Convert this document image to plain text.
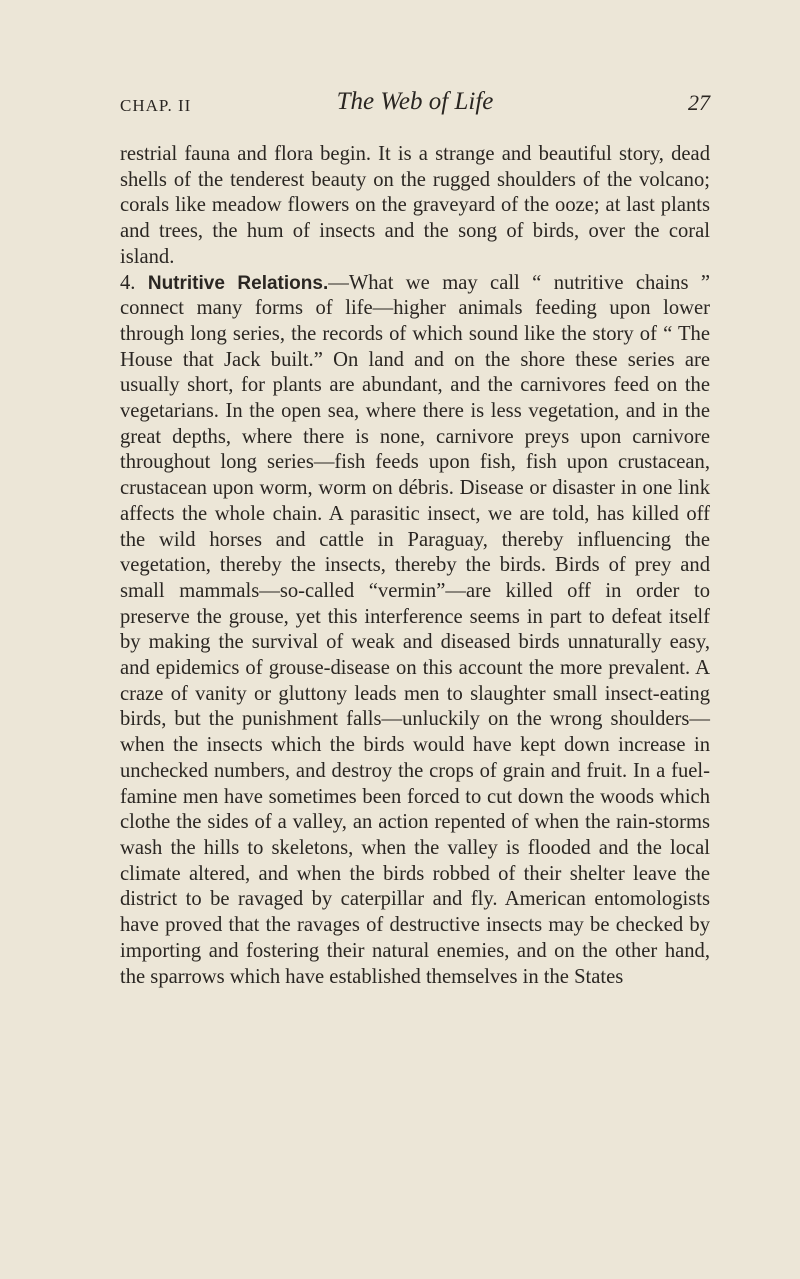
CHAP. II	The Web of Life	27

restrial fauna and flora begin. It is a strange and beautiful story, dead shells of the tenderest beauty on the rugged shoulders of the volcano; corals like meadow flowers on the graveyard of the ooze; at last plants and trees, the hum of insects and the song of birds, over the coral island.

4. Nutritive Relations.—What we may call “ nutritive chains ” connect many forms of life—higher animals feeding upon lower through long series, the records of which sound like the story of “ The House that Jack built.” On land and on the shore these series are usually short, for plants are abundant, and the carnivores feed on the vegetarians. In the open sea, where there is less vegetation, and in the great depths, where there is none, carnivore preys upon carnivore throughout long series—fish feeds upon fish, fish upon crustacean, crustacean upon worm, worm on débris. Disease or disaster in one link affects the whole chain. A parasitic insect, we are told, has killed off the wild horses and cattle in Paraguay, thereby influencing the vegetation, thereby the insects, thereby the birds. Birds of prey and small mammals—so-called “vermin”—are killed off in order to preserve the grouse, yet this interference seems in part to defeat itself by making the survival of weak and diseased birds unnaturally easy, and epidemics of grouse-disease on this account the more prevalent. A craze of vanity or gluttony leads men to slaughter small insect-eating birds, but the punishment falls—unluckily on the wrong shoulders—when the insects which the birds would have kept down increase in unchecked numbers, and destroy the crops of grain and fruit. In a fuel-famine men have sometimes been forced to cut down the woods which clothe the sides of a valley, an action repented of when the rain-storms wash the hills to skeletons, when the valley is flooded and the local climate altered, and when the birds robbed of their shelter leave the district to be ravaged by caterpillar and fly. American entomologists have proved that the ravages of destructive insects may be checked by importing and fostering their natural enemies, and on the other hand, the sparrows which have established themselves in the States
